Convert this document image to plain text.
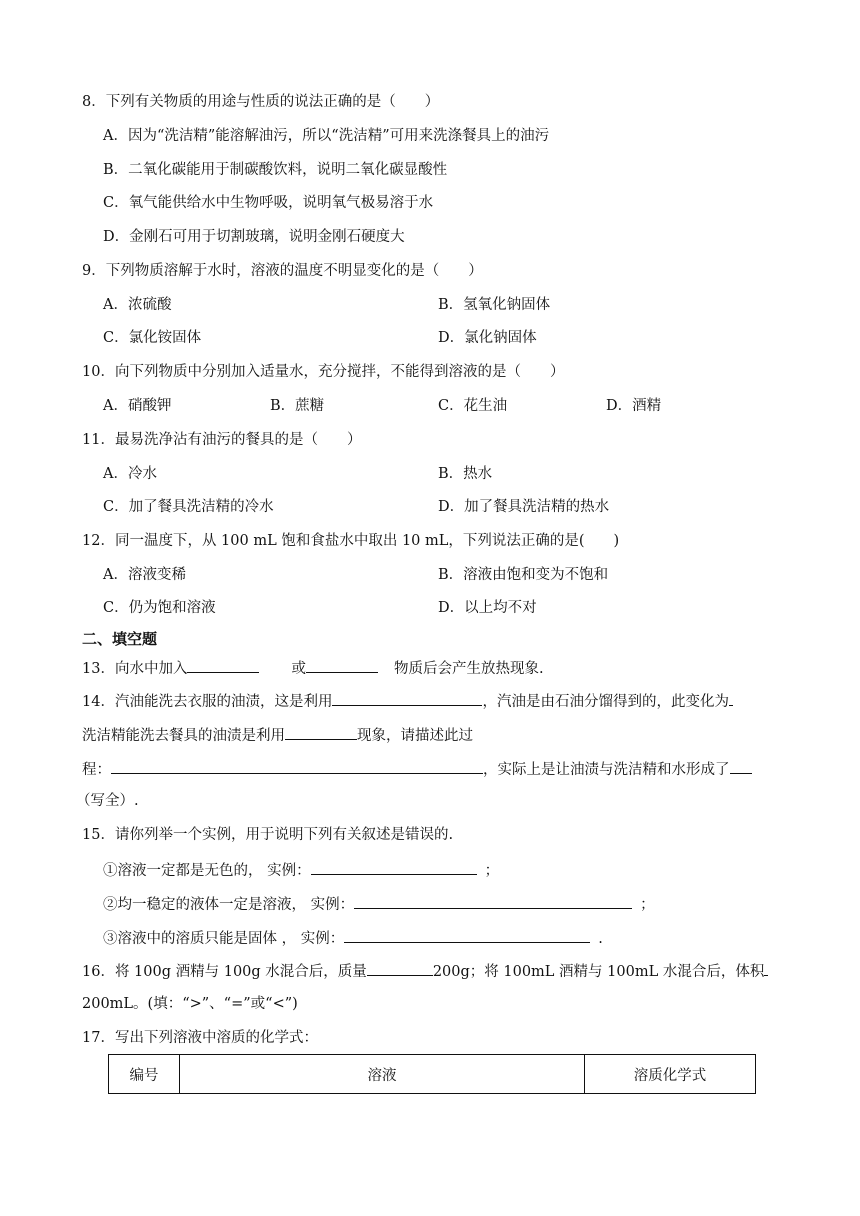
8．下列有关物质的用途与性质的说法正确的是（　　）
A．因为“洗洁精”能溶解油污，所以“洗洁精”可用来洗涤餐具上的油污
B．二氧化碳能用于制碳酸饮料，说明二氧化碳显酸性
C．氧气能供给水中生物呼吸，说明氧气极易溶于水
D．金刚石可用于切割玻璃，说明金刚石硬度大
9．下列物质溶解于水时，溶液的温度不明显变化的是（　　）
A．浓硫酸	B．氢氧化钠固体
C．氯化铵固体	D．氯化钠固体
10．向下列物质中分别加入适量水，充分搅拌，不能得到溶液的是（　　）
A．硝酸钾	B．蔗糖	C．花生油	D．酒精
11．最易洗净沾有油污的餐具的是（　　）
A．冷水	B．热水
C．加了餐具洗洁精的冷水	D．加了餐具洗洁精的热水
12．同一温度下，从 100 mL 饱和食盐水中取出 10 mL，下列说法正确的是(　　)
A．溶液变稀	B．溶液由饱和变为不饱和
C．仍为饱和溶液	D．以上均不对
二、填空题
13．向水中加入	或	物质后会产生放热现象.
14．汽油能洗去衣服的油渍，这是利用	，汽油是由石油分馏得到的，此变化为
洗洁精能洗去餐具的油渍是利用	现象，请描述此过
程：	，实际上是让油渍与洗洁精和水形成了
（写全）.
15．请你列举一个实例，用于说明下列有关叙述是错误的.
①溶液一定都是无色的， 实例：	；
②均一稳定的液体一定是溶液， 实例：	；
③溶液中的溶质只能是固体 ， 实例：	.
16．将 100g 酒精与 100g 水混合后，质量	200g；将 100mL 酒精与 100mL 水混合后，体积
200mL。(填：“>”、“=”或“<”)
17．写出下列溶液中溶质的化学式：
编号	溶液	溶质化学式
